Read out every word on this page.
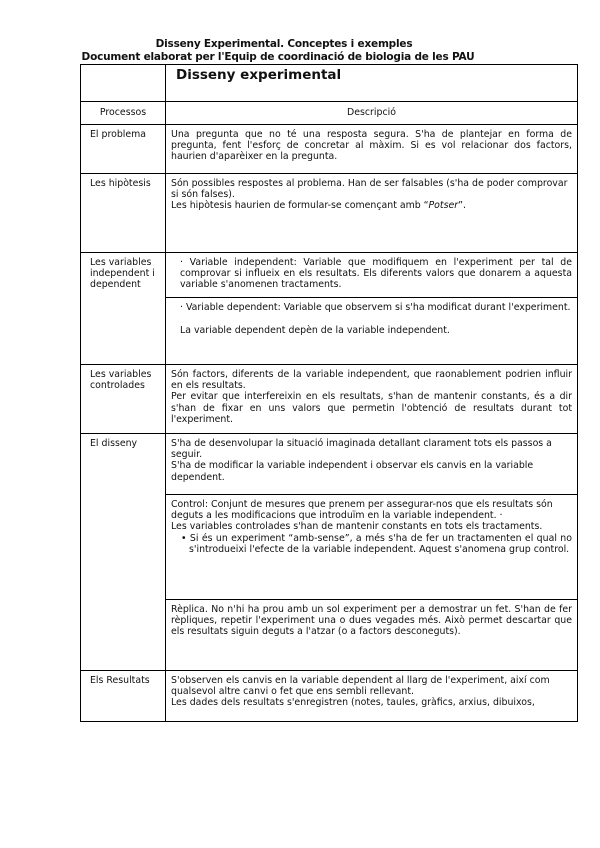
Disseny Experimental. Conceptes i exemples
Document elaborat per l'Equip de coordinació de biologia de les PAU
	Disseny experimental
Processos	Descripció
El problema	Una pregunta que no té una resposta segura. S'ha de plantejar en forma de pregunta, fent l'esforç de concretar al màxim. Si es vol relacionar dos factors, haurien d'aparèixer en la pregunta.
Les hipòtesis	Són possibles respostes al problema. Han de ser falsables (s'ha de poder comprovar si són falses).

Les hipòtesis haurien de formular-se començant amb “Potser”.

Les variables independent i dependent	· Variable independent: Variable que modifiquem en l'experiment per tal de comprovar si influeix en els resultats. Els diferents valors que donarem a aquesta variable s'anomenen tractaments.

	· Variable dependent: Variable que observem si s'ha modificat durant l'experiment.

La variable dependent depèn de la variable independent.

Les variables controlades	Són factors, diferents de la variable independent, que raonablement podrien influir en els resultats.

Per evitar que interfereixin en els resultats, s'han de mantenir constants, és a dir s'han de fixar en uns valors que permetin l'obtenció de resultats durant tot l'experiment.

El disseny	S'ha de desenvolupar la situació imaginada detallant clarament tots els passos a seguir.

S'ha de modificar la variable independent i observar els canvis en la variable dependent.

	Control: Conjunt de mesures que prenem per assegurar-nos que els resultats són deguts a les modificacions que introduïm en la variable independent. ·

Les variables controlades s'han de mantenir constants en tots els tractaments.

• Si és un experiment “amb-sense”, a més s'ha de fer un tractamenten el qual no s'introdueixi l'efecte de la variable independent. Aquest s'anomena grup control.

	Rèplica. No n'hi ha prou amb un sol experiment per a demostrar un fet. S'han de fer rèpliques, repetir l'experiment una o dues vegades més. Això permet descartar que els resultats siguin deguts a l'atzar (o a factors desconeguts).
Els Resultats	S'observen els canvis en la variable dependent al llarg de l'experiment, així com qualsevol altre canvi o fet que ens sembli rellevant.

Les dades dels resultats s'enregistren (notes, taules, gràfics, arxius, dibuixos,
